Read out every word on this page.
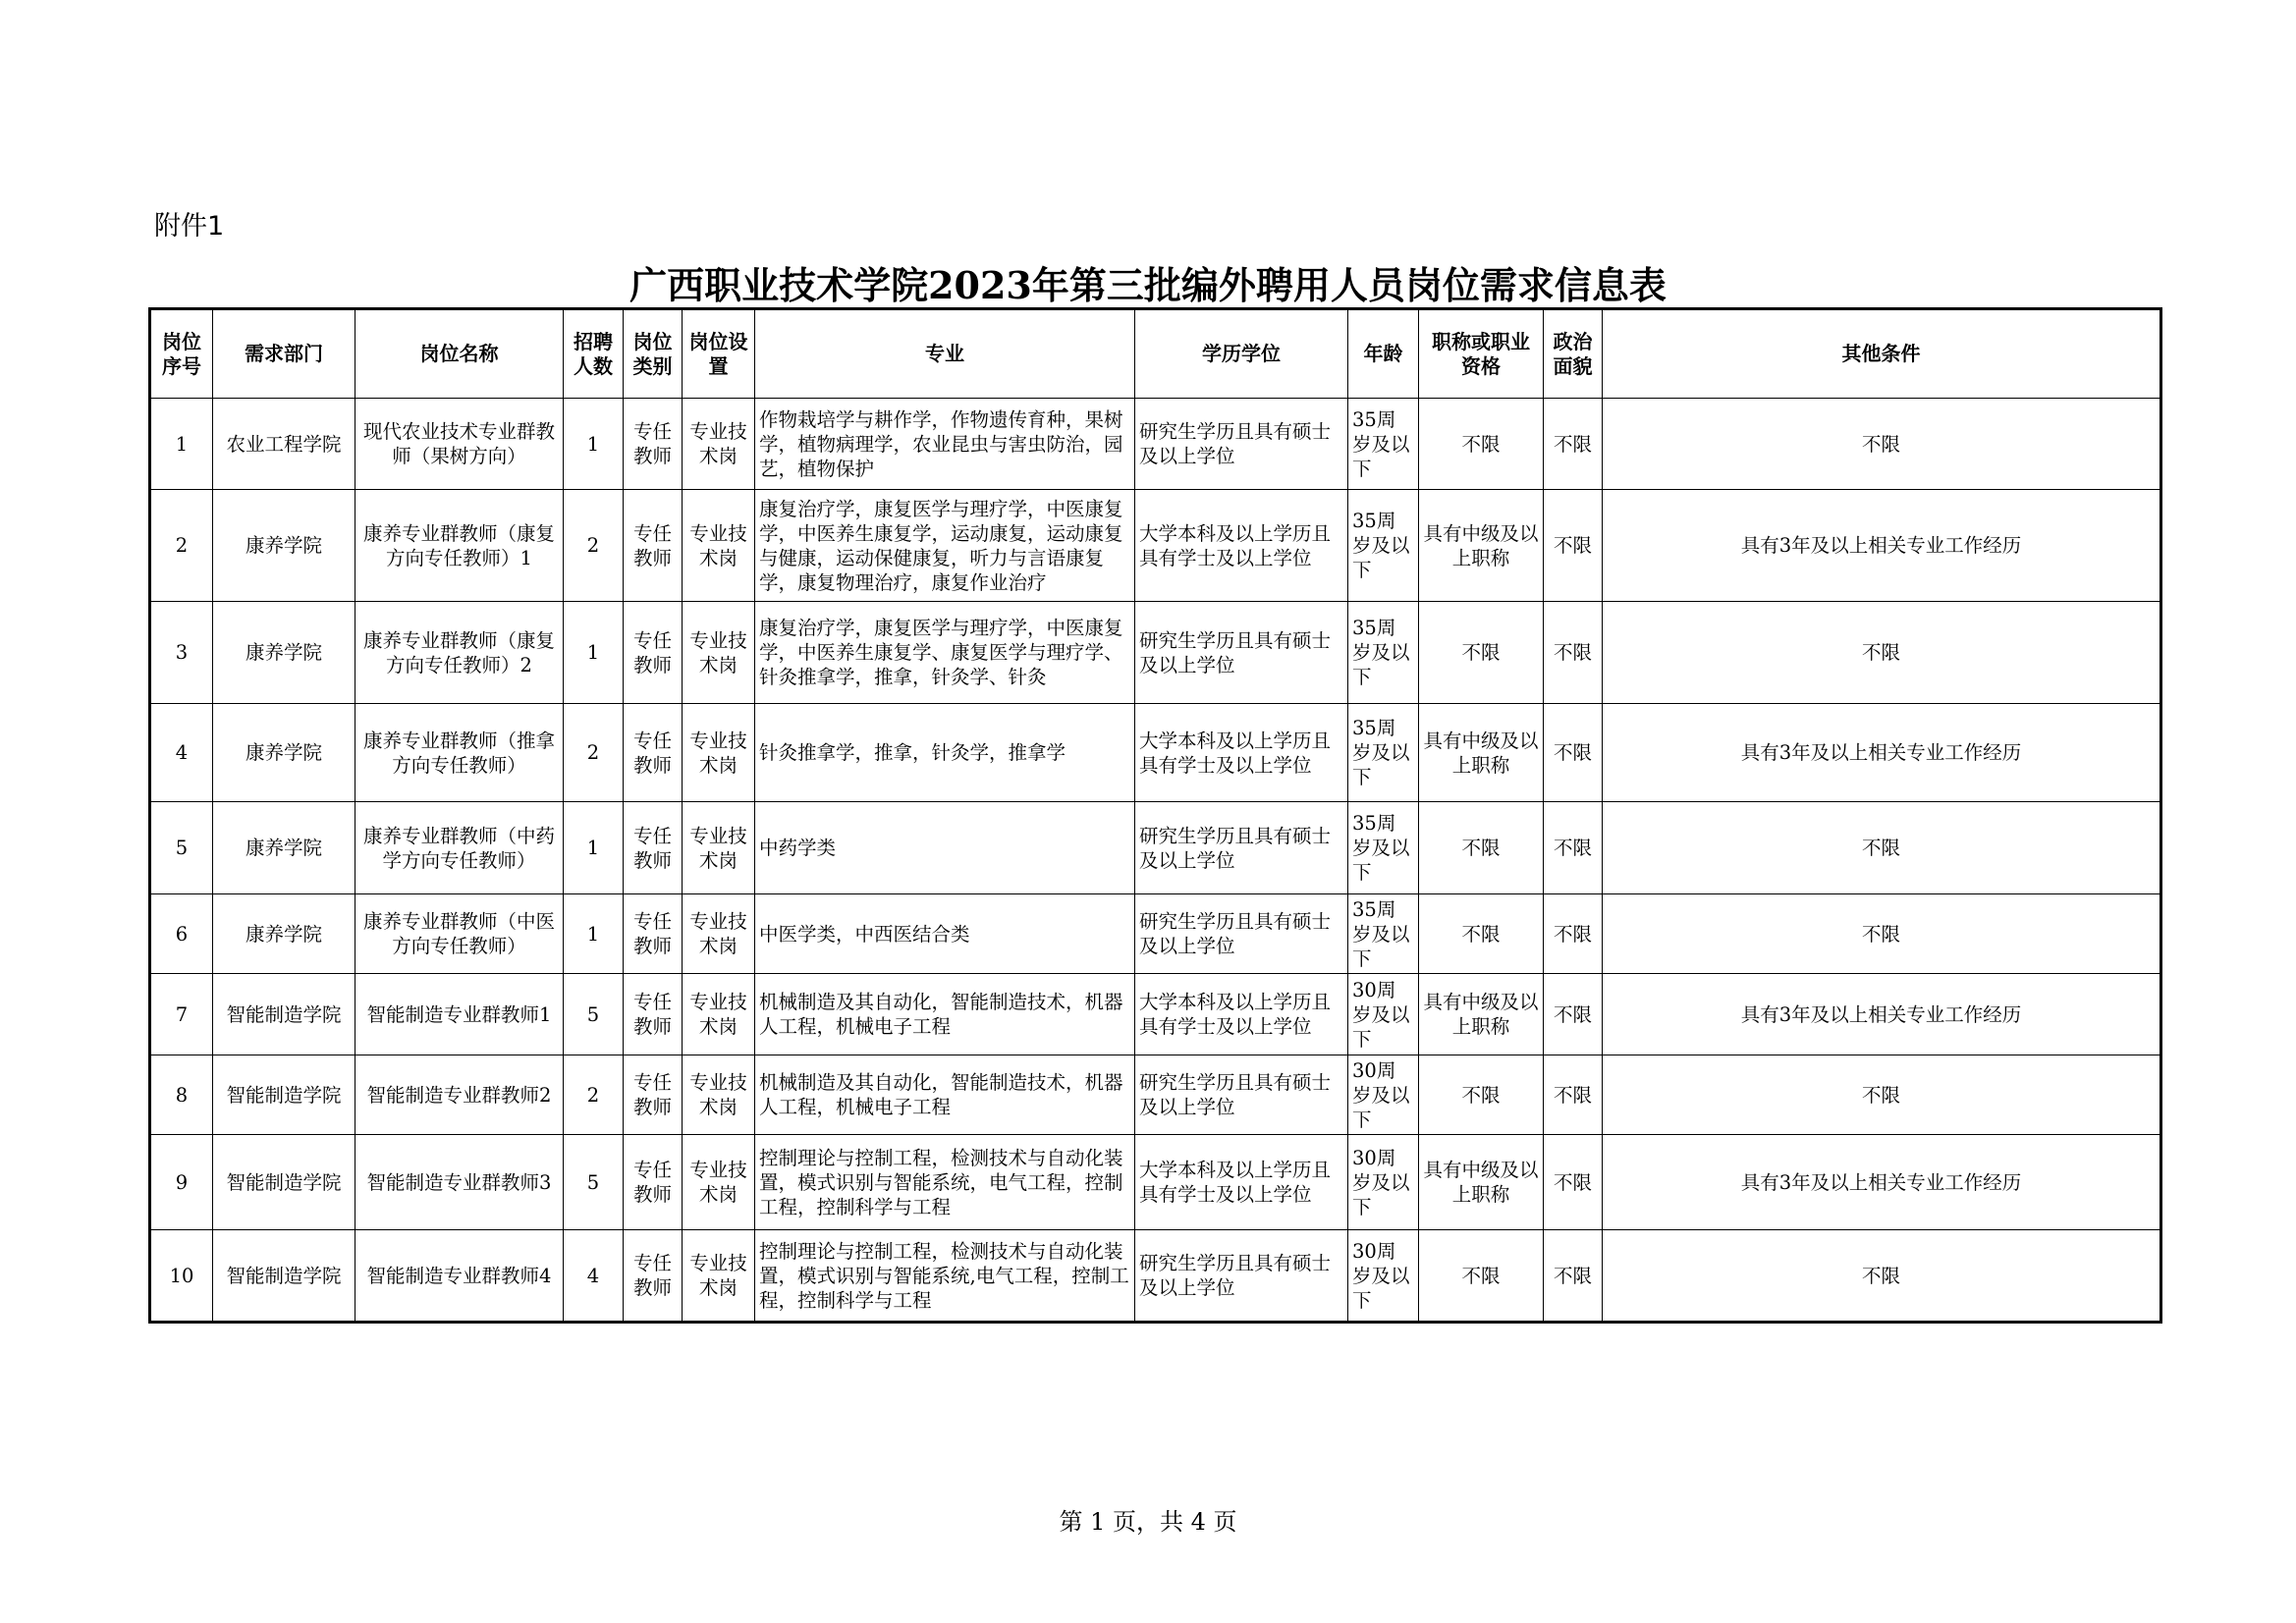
附件1
广西职业技术学院2023年第三批编外聘用人员岗位需求信息表
岗位序号	需求部门	岗位名称	招聘人数	岗位类别	岗位设置	专业	学历学位	年龄	职称或职业资格	政治面貌	其他条件
1	农业工程学院	现代农业技术专业群教师（果树方向）	1	专任教师	专业技术岗	作物栽培学与耕作学，作物遗传育种，果树学，植物病理学，农业昆虫与害虫防治，园艺，植物保护	研究生学历且具有硕士及以上学位	35周岁及以下	不限	不限	不限
2	康养学院	康养专业群教师（康复方向专任教师）1	2	专任教师	专业技术岗	康复治疗学，康复医学与理疗学，中医康复学，中医养生康复学，运动康复，运动康复与健康，运动保健康复，听力与言语康复学，康复物理治疗，康复作业治疗	大学本科及以上学历且具有学士及以上学位	35周岁及以下	具有中级及以上职称	不限	具有3年及以上相关专业工作经历
3	康养学院	康养专业群教师（康复方向专任教师）2	1	专任教师	专业技术岗	康复治疗学，康复医学与理疗学，中医康复学，中医养生康复学、康复医学与理疗学、针灸推拿学，推拿，针灸学、针灸	研究生学历且具有硕士及以上学位	35周岁及以下	不限	不限	不限
4	康养学院	康养专业群教师（推拿方向专任教师）	2	专任教师	专业技术岗	针灸推拿学，推拿，针灸学，推拿学	大学本科及以上学历且具有学士及以上学位	35周岁及以下	具有中级及以上职称	不限	具有3年及以上相关专业工作经历
5	康养学院	康养专业群教师（中药学方向专任教师）	1	专任教师	专业技术岗	中药学类	研究生学历且具有硕士及以上学位	35周岁及以下	不限	不限	不限
6	康养学院	康养专业群教师（中医方向专任教师）	1	专任教师	专业技术岗	中医学类，中西医结合类	研究生学历且具有硕士及以上学位	35周岁及以下	不限	不限	不限
7	智能制造学院	智能制造专业群教师1	5	专任教师	专业技术岗	机械制造及其自动化，智能制造技术，机器人工程，机械电子工程	大学本科及以上学历且具有学士及以上学位	30周岁及以下	具有中级及以上职称	不限	具有3年及以上相关专业工作经历
8	智能制造学院	智能制造专业群教师2	2	专任教师	专业技术岗	机械制造及其自动化，智能制造技术，机器人工程，机械电子工程	研究生学历且具有硕士及以上学位	30周岁及以下	不限	不限	不限
9	智能制造学院	智能制造专业群教师3	5	专任教师	专业技术岗	控制理论与控制工程，检测技术与自动化装置，模式识别与智能系统，电气工程，控制工程，控制科学与工程	大学本科及以上学历且具有学士及以上学位	30周岁及以下	具有中级及以上职称	不限	具有3年及以上相关专业工作经历
10	智能制造学院	智能制造专业群教师4	4	专任教师	专业技术岗	控制理论与控制工程，检测技术与自动化装置，模式识别与智能系统,电气工程，控制工程，控制科学与工程	研究生学历且具有硕士及以上学位	30周岁及以下	不限	不限	不限
第 1 页，共 4 页
